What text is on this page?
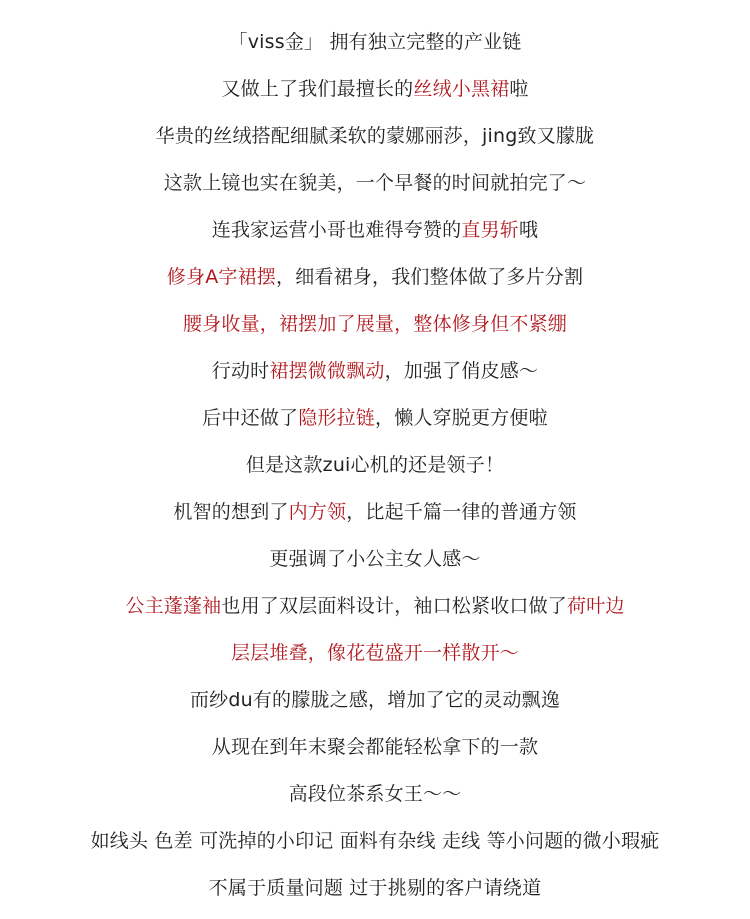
「viss金」 拥有独立完整的产业链
又做上了我们最擅长的丝绒小黑裙啦
华贵的丝绒搭配细腻柔软的蒙娜丽莎，jing致又朦胧
这款上镜也实在貌美，一个早餐的时间就拍完了～
连我家运营小哥也难得夸赞的直男斩哦
修身A字裙摆，细看裙身，我们整体做了多片分割
腰身收量，裙摆加了展量，整体修身但不紧绷
行动时裙摆微微飘动，加强了俏皮感～
后中还做了隐形拉链，懒人穿脱更方便啦
但是这款zui心机的还是领子！
机智的想到了内方领，比起千篇一律的普通方领
更强调了小公主女人感～
公主蓬蓬袖也用了双层面料设计，袖口松紧收口做了荷叶边
层层堆叠，像花苞盛开一样散开～
而纱du有的朦胧之感，增加了它的灵动飘逸
从现在到年末聚会都能轻松拿下的一款
高段位茶系女王～～
如线头 色差 可洗掉的小印记 面料有杂线 走线 等小问题的微小瑕疵
不属于质量问题 过于挑剔的客户请绕道
